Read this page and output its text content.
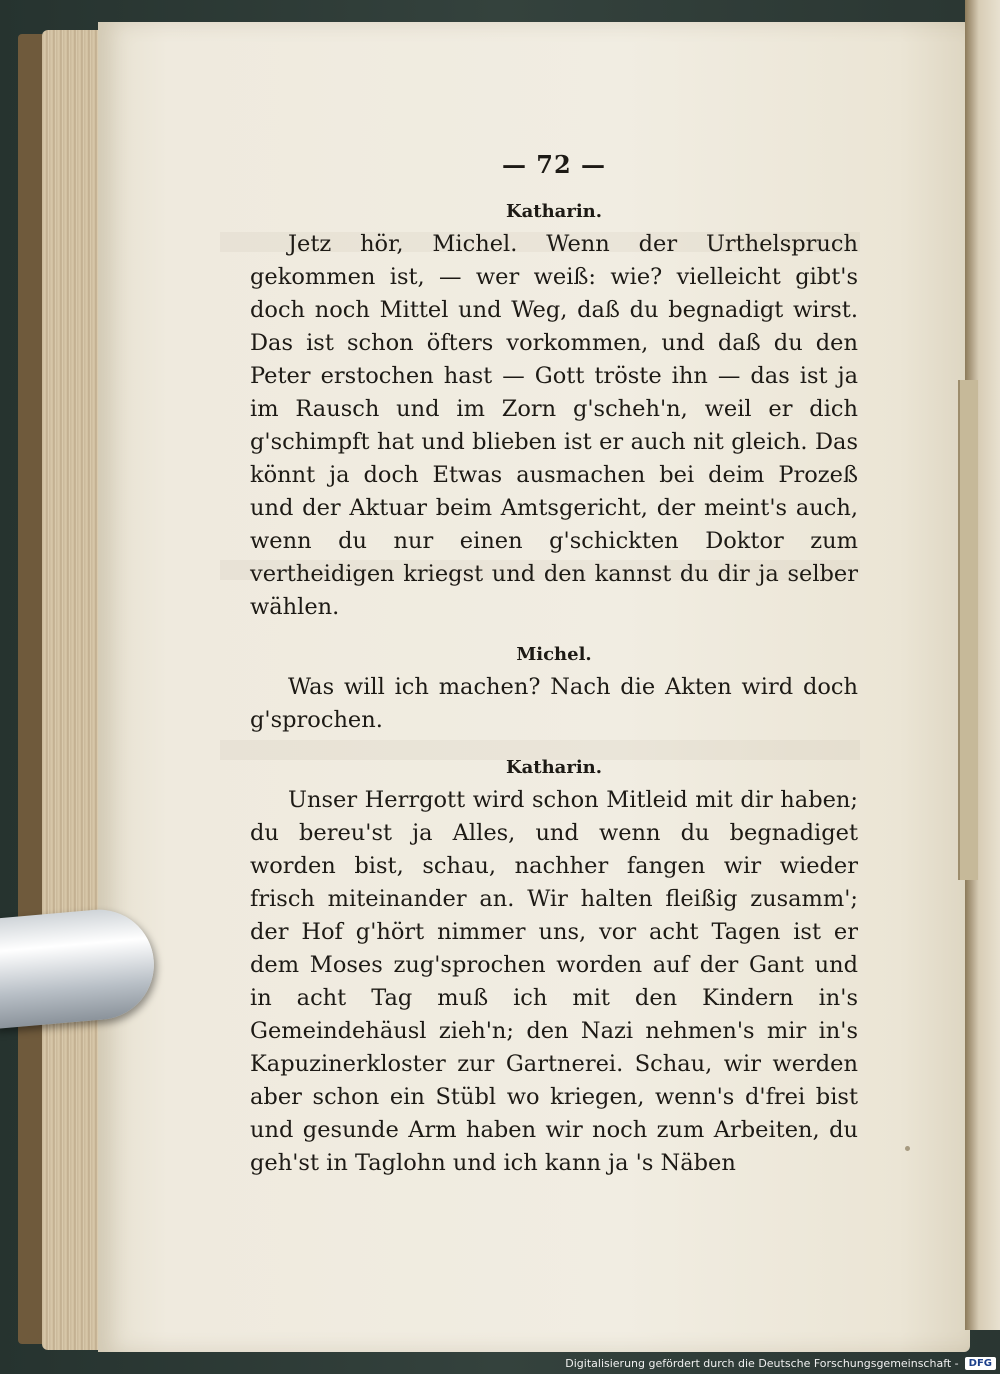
— 72 —
Katharin.

Jetz hör, Michel. Wenn der Urthelspruch gekommen ist, — wer weiß: wie? vielleicht gibt's doch noch Mittel und Weg, daß du begnadigt wirst. Das ist schon öfters vorkommen, und daß du den Peter erstochen hast — Gott tröste ihn — das ist ja im Rausch und im Zorn g'scheh'n, weil er dich g'schimpft hat und blieben ist er auch nit gleich. Das könnt ja doch Etwas ausmachen bei deim Prozeß und der Aktuar beim Amtsgericht, der meint's auch, wenn du nur einen g'schickten Doktor zum vertheidigen kriegst und den kannst du dir ja selber wählen.

Michel.

Was will ich machen? Nach die Akten wird doch g'sprochen.

Katharin.

Unser Herrgott wird schon Mitleid mit dir haben; du bereu'st ja Alles, und wenn du begnadiget worden bist, schau, nachher fangen wir wieder frisch miteinander an. Wir halten fleißig zusamm'; der Hof g'hört nimmer uns, vor acht Tagen ist er dem Moses zug'sprochen worden auf der Gant und in acht Tag muß ich mit den Kindern in's Gemeindehäusl zieh'n; den Nazi nehmen's mir in's Kapuzinerkloster zur Gartnerei. Schau, wir werden aber schon ein Stübl wo kriegen, wenn's d'frei bist und gesunde Arm haben wir noch zum Arbeiten, du geh'st in Taglohn und ich kann ja 's Näben

Digitalisierung gefördert durch die Deutsche Forschungsgemeinschaft -	DFG
